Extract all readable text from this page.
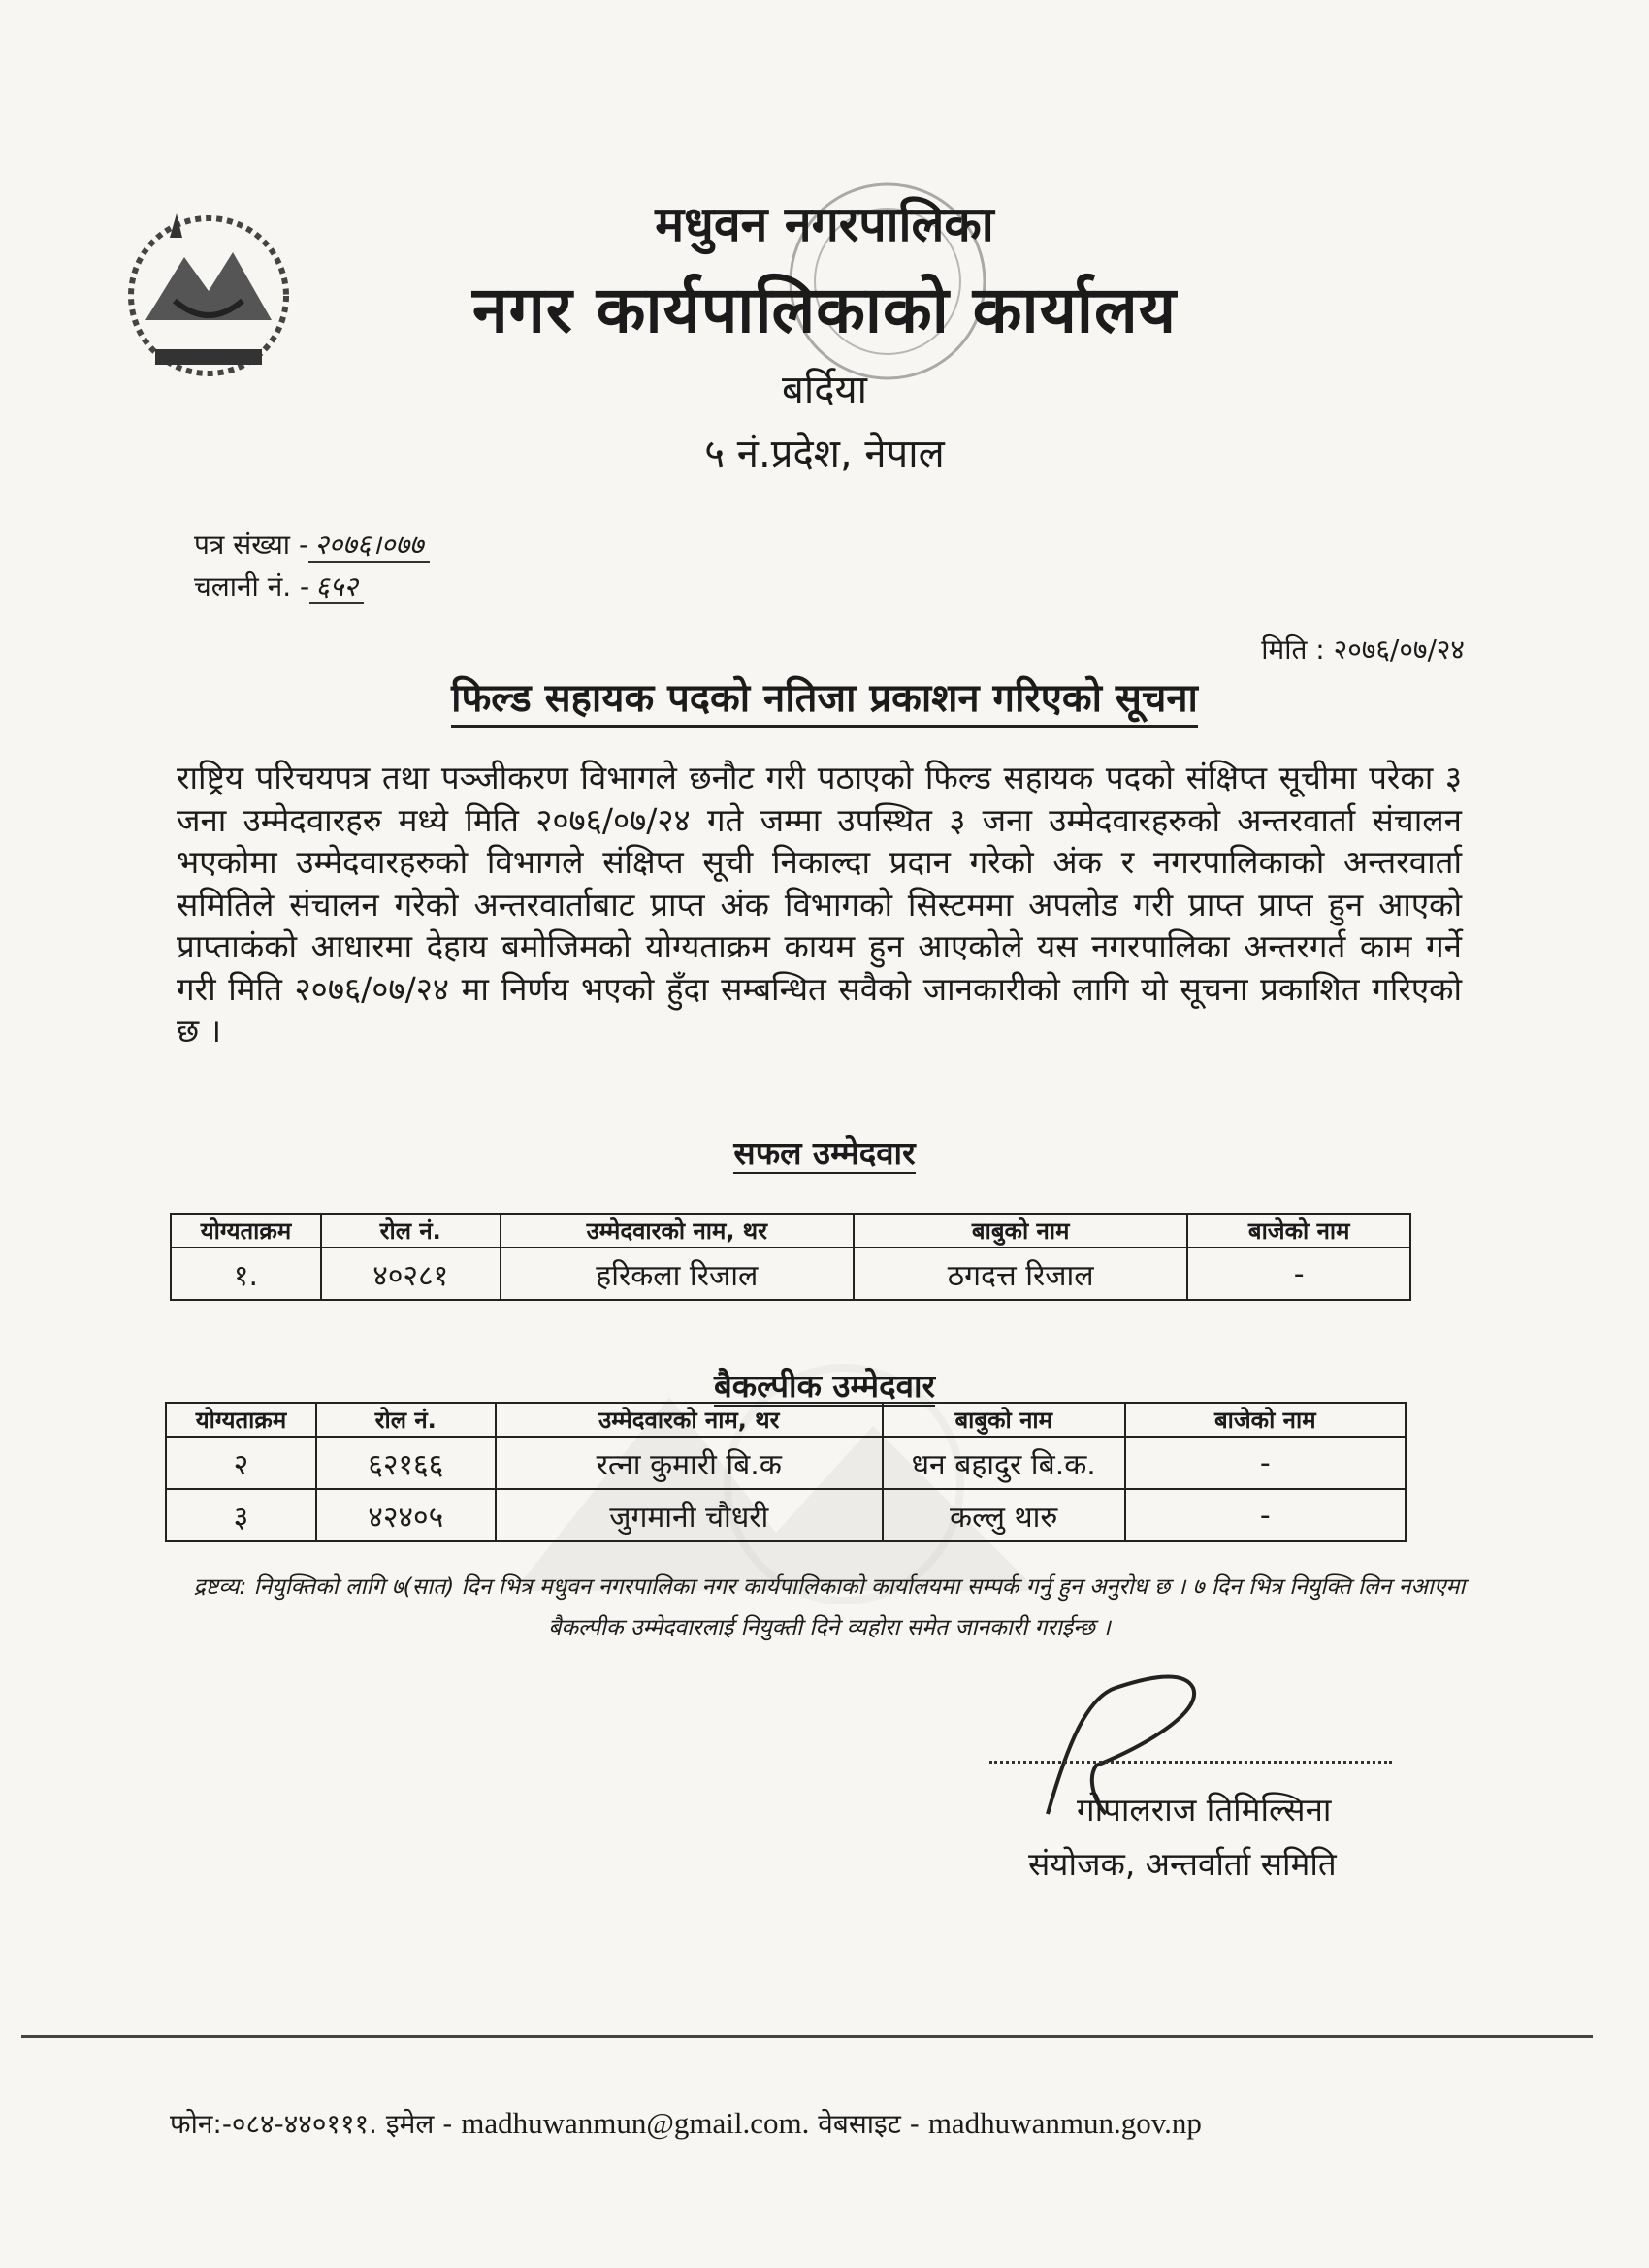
मधुवन नगरपालिका
नगर कार्यपालिकाको कार्यालय
बर्दिया
५ नं.प्रदेश, नेपाल
पत्र संख्या - २०७६।०७७
चलानी नं. - ६५२
मिति : २०७६/०७/२४
फिल्ड सहायक पदको नतिजा प्रकाशन गरिएको सूचना
राष्ट्रिय परिचयपत्र तथा पञ्जीकरण विभागले छनौट गरी पठाएको फिल्ड सहायक पदको संक्षिप्त सूचीमा परेका ३ जना उम्मेदवारहरु मध्ये मिति २०७६/०७/२४ गते जम्मा उपस्थित ३ जना उम्मेदवारहरुको अन्तरवार्ता संचालन भएकोमा उम्मेदवारहरुको विभागले संक्षिप्त सूची निकाल्दा प्रदान गरेको अंक र नगरपालिकाको अन्तरवार्ता समितिले संचालन गरेको अन्तरवार्ताबाट प्राप्त अंक विभागको सिस्टममा अपलोड गरी प्राप्त प्राप्त हुन आएको प्राप्ताकंको आधारमा देहाय बमोजिमको योग्यताक्रम कायम हुन आएकोले यस नगरपालिका अन्तरगर्त काम गर्ने गरी मिति २०७६/०७/२४ मा निर्णय भएको हुँदा सम्बन्धित सवैको जानकारीको लागि यो सूचना प्रकाशित गरिएको छ ।
सफल उम्मेदवार
योग्यताक्रम	रोल नं.	उम्मेदवारको नाम, थर	बाबुको नाम	बाजेको नाम
१.	४०२८१	हरिकला रिजाल	ठगदत्त रिजाल	-
बैकल्पीक उम्मेदवार
योग्यताक्रम	रोल नं.	उम्मेदवारको नाम, थर	बाबुको नाम	बाजेको नाम
२	६२१६६	रत्ना कुमारी बि.क	धन बहादुर बि.क.	-
३	४२४०५	जुगमानी चौधरी	कल्लु थारु	-
द्रष्टव्य: नियुक्तिको लागि ७(सात) दिन भित्र मधुवन नगरपालिका नगर कार्यपालिकाको कार्यालयमा सम्पर्क गर्नु हुन अनुरोध छ । ७ दिन भित्र नियुक्ति लिन नआएमा बैकल्पीक उम्मेदवारलाई नियुक्ती दिने व्यहोरा समेत जानकारी गराईन्छ ।
गोपालराज तिमिल्सिना
संयोजक, अन्तर्वार्ता समिति
फोन:-०८४-४४०१११. इमेल - madhuwanmun@gmail.com. वेबसाइट - madhuwanmun.gov.np
